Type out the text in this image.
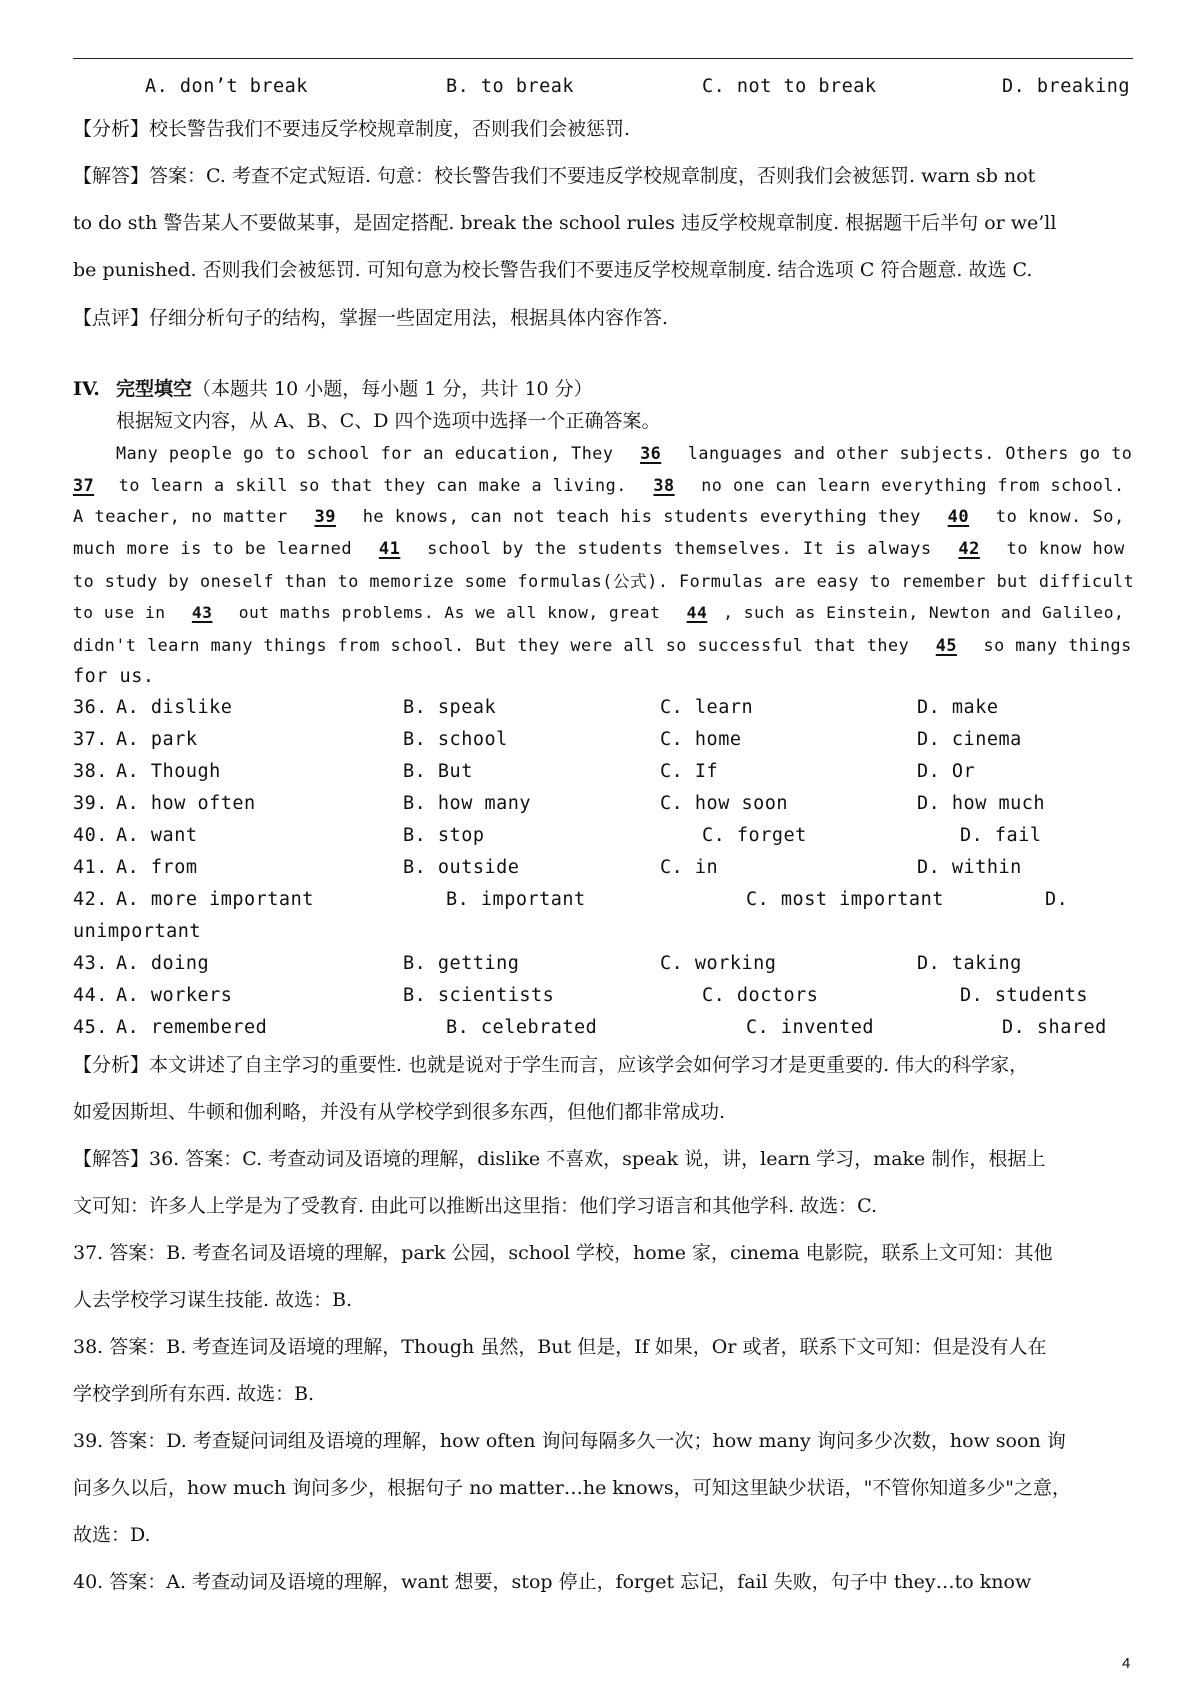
A. don’t break	B. to break	C. not to break	D. breaking
【分析】校长警告我们不要违反学校规章制度，否则我们会被惩罚.
【解答】答案：C. 考查不定式短语. 句意：校长警告我们不要违反学校规章制度，否则我们会被惩罚. warn sb not
to do sth 警告某人不要做某事，是固定搭配. break the school rules 违反学校规章制度. 根据题干后半句 or we’ll
be punished. 否则我们会被惩罚. 可知句意为校长警告我们不要违反学校规章制度. 结合选项 C 符合题意. 故选 C.
【点评】仔细分析句子的结构，掌握一些固定用法，根据具体内容作答.
IV. 完型填空（本题共 10 小题，每小题 1 分，共计 10 分）
根据短文内容，从 A、B、C、D 四个选项中选择一个正确答案。
Many people go to school for an education, They 36 languages and other subjects. Others go to
37 to learn a skill so that they can make a living. 38 no one can learn everything from school.
A teacher, no matter 39 he knows, can not teach his students everything they 40 to know. So,
much more is to be learned 41 school by the students themselves. It is always 42 to know how
to study by oneself than to memorize some formulas(公式). Formulas are easy to remember but difficult
to use in 43 out maths problems. As we all know, great 44 , such as Einstein, Newton and Galileo,
didn't learn many things from school. But they were all so successful that they 45 so many things
for us.
36. A. dislike	B. speak	C. learn	D. make
37. A. park	B. school	C. home	D. cinema
38. A. Though	B. But	C. If	D. Or
39. A. how often	B. how many	C. how soon	D. how much
40. A. want	B. stop	C. forget	D. fail
41. A. from	B. outside	C. in	D. within
42. A. more important	B. important	C. most important	D.
unimportant
43. A. doing	B. getting	C. working	D. taking
44. A. workers	B. scientists	C. doctors	D. students
45. A. remembered	B. celebrated	C. invented	D. shared
【分析】本文讲述了自主学习的重要性. 也就是说对于学生而言，应该学会如何学习才是更重要的. 伟大的科学家，
如爱因斯坦、牛顿和伽利略，并没有从学校学到很多东西，但他们都非常成功.
【解答】36. 答案：C. 考查动词及语境的理解，dislike 不喜欢，speak 说，讲，learn 学习，make 制作，根据上
文可知：许多人上学是为了受教育. 由此可以推断出这里指：他们学习语言和其他学科. 故选：C.
37. 答案：B. 考查名词及语境的理解，park 公园，school 学校，home 家，cinema 电影院，联系上文可知：其他
人去学校学习谋生技能. 故选：B.
38. 答案：B. 考查连词及语境的理解，Though 虽然，But 但是，If 如果，Or 或者，联系下文可知：但是没有人在
学校学到所有东西. 故选：B.
39. 答案：D. 考查疑问词组及语境的理解，how often 询问每隔多久一次；how many 询问多少次数，how soon 询
问多久以后，how much 询问多少，根据句子 no matter…he knows，可知这里缺少状语，"不管你知道多少"之意，
故选：D.
40. 答案：A. 考查动词及语境的理解，want 想要，stop 停止，forget 忘记，fail 失败，句子中 they…to know
4
